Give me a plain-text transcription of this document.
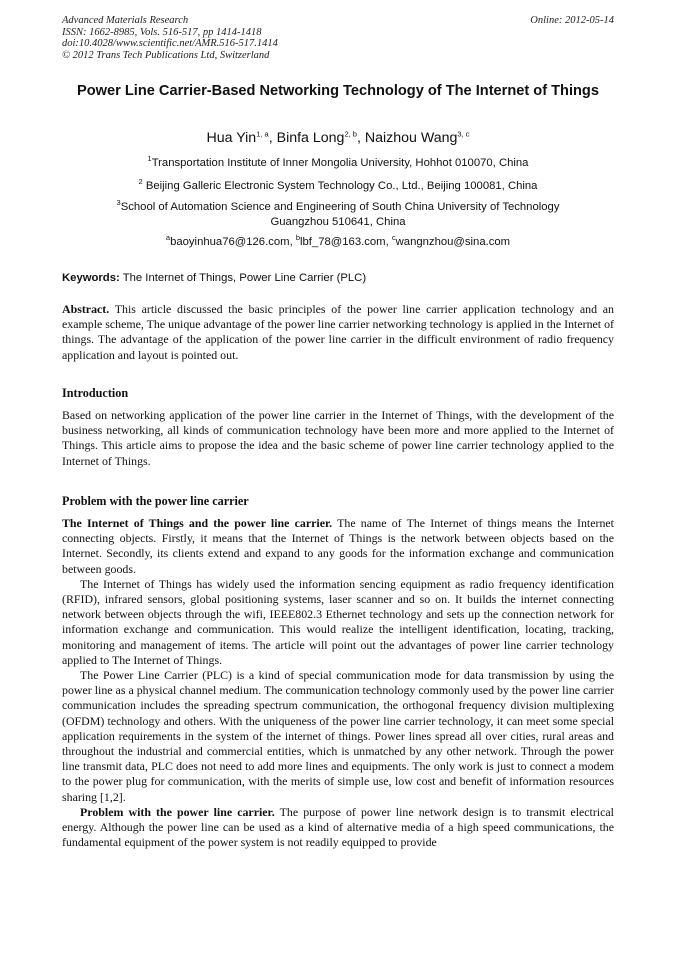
Advanced Materials Research
ISSN: 1662-8985, Vols. 516-517, pp 1414-1418
doi:10.4028/www.scientific.net/AMR.516-517.1414
© 2012 Trans Tech Publications Ltd, Switzerland
Online: 2012-05-14
Power Line Carrier-Based Networking Technology of The Internet of Things
Hua Yin$^{1, a}$, Binfa Long$^{2, b}$, Naizhou Wang$^{3, c}$
$^1$Transportation Institute of Inner Mongolia University, Hohhot 010070, China
$^2$ Beijing Galleric Electronic System Technology Co., Ltd., Beijing 100081, China
$^3$School of Automation Science and Engineering of South China University of Technology Guangzhou 510641, China
$^a$baoyinhua76@126.com, $^b$lbf_78@163.com, $^c$wangnzhou@sina.com
Keywords: The Internet of Things, Power Line Carrier (PLC)

Abstract. This article discussed the basic principles of the power line carrier application technology and an example scheme, The unique advantage of the power line carrier networking technology is applied in the Internet of things. The advantage of the application of the power line carrier in the difficult environment of radio frequency application and layout is pointed out.

Introduction

Based on networking application of the power line carrier in the Internet of Things, with the development of the business networking, all kinds of communication technology have been more and more applied to the Internet of Things. This article aims to propose the idea and the basic scheme of power line carrier technology applied to the Internet of Things.

Problem with the power line carrier

The Internet of Things and the power line carrier. The name of The Internet of things means the Internet connecting objects. Firstly, it means that the Internet of Things is the network between objects based on the Internet. Secondly, its clients extend and expand to any goods for the information exchange and communication between goods.

The Internet of Things has widely used the information sencing equipment as radio frequency identification (RFID), infrared sensors, global positioning systems, laser scanner and so on. It builds the internet connecting network between objects through the wifi, IEEE802.3 Ethernet technology and sets up the connection network for information exchange and communication. This would realize the intelligent identification, locating, tracking, monitoring and management of items. The article will point out the advantages of power line carrier technology applied to The Internet of Things.

The Power Line Carrier (PLC) is a kind of special communication mode for data transmission by using the power line as a physical channel medium. The communication technology commonly used by the power line carrier communication includes the spreading spectrum communication, the orthogonal frequency division multiplexing (OFDM) technology and others. With the uniqueness of the power line carrier technology, it can meet some special application requirements in the system of the internet of things. Power lines spread all over cities, rural areas and throughout the industrial and commercial entities, which is unmatched by any other network. Through the power line transmit data, PLC does not need to add more lines and equipments. The only work is just to connect a modem to the power plug for communication, with the merits of simple use, low cost and benefit of information resources sharing [1,2].

Problem with the power line carrier. The purpose of power line network design is to transmit electrical energy. Although the power line can be used as a kind of alternative media of a high speed communications, the fundamental equipment of the power system is not readily equipped to provide
